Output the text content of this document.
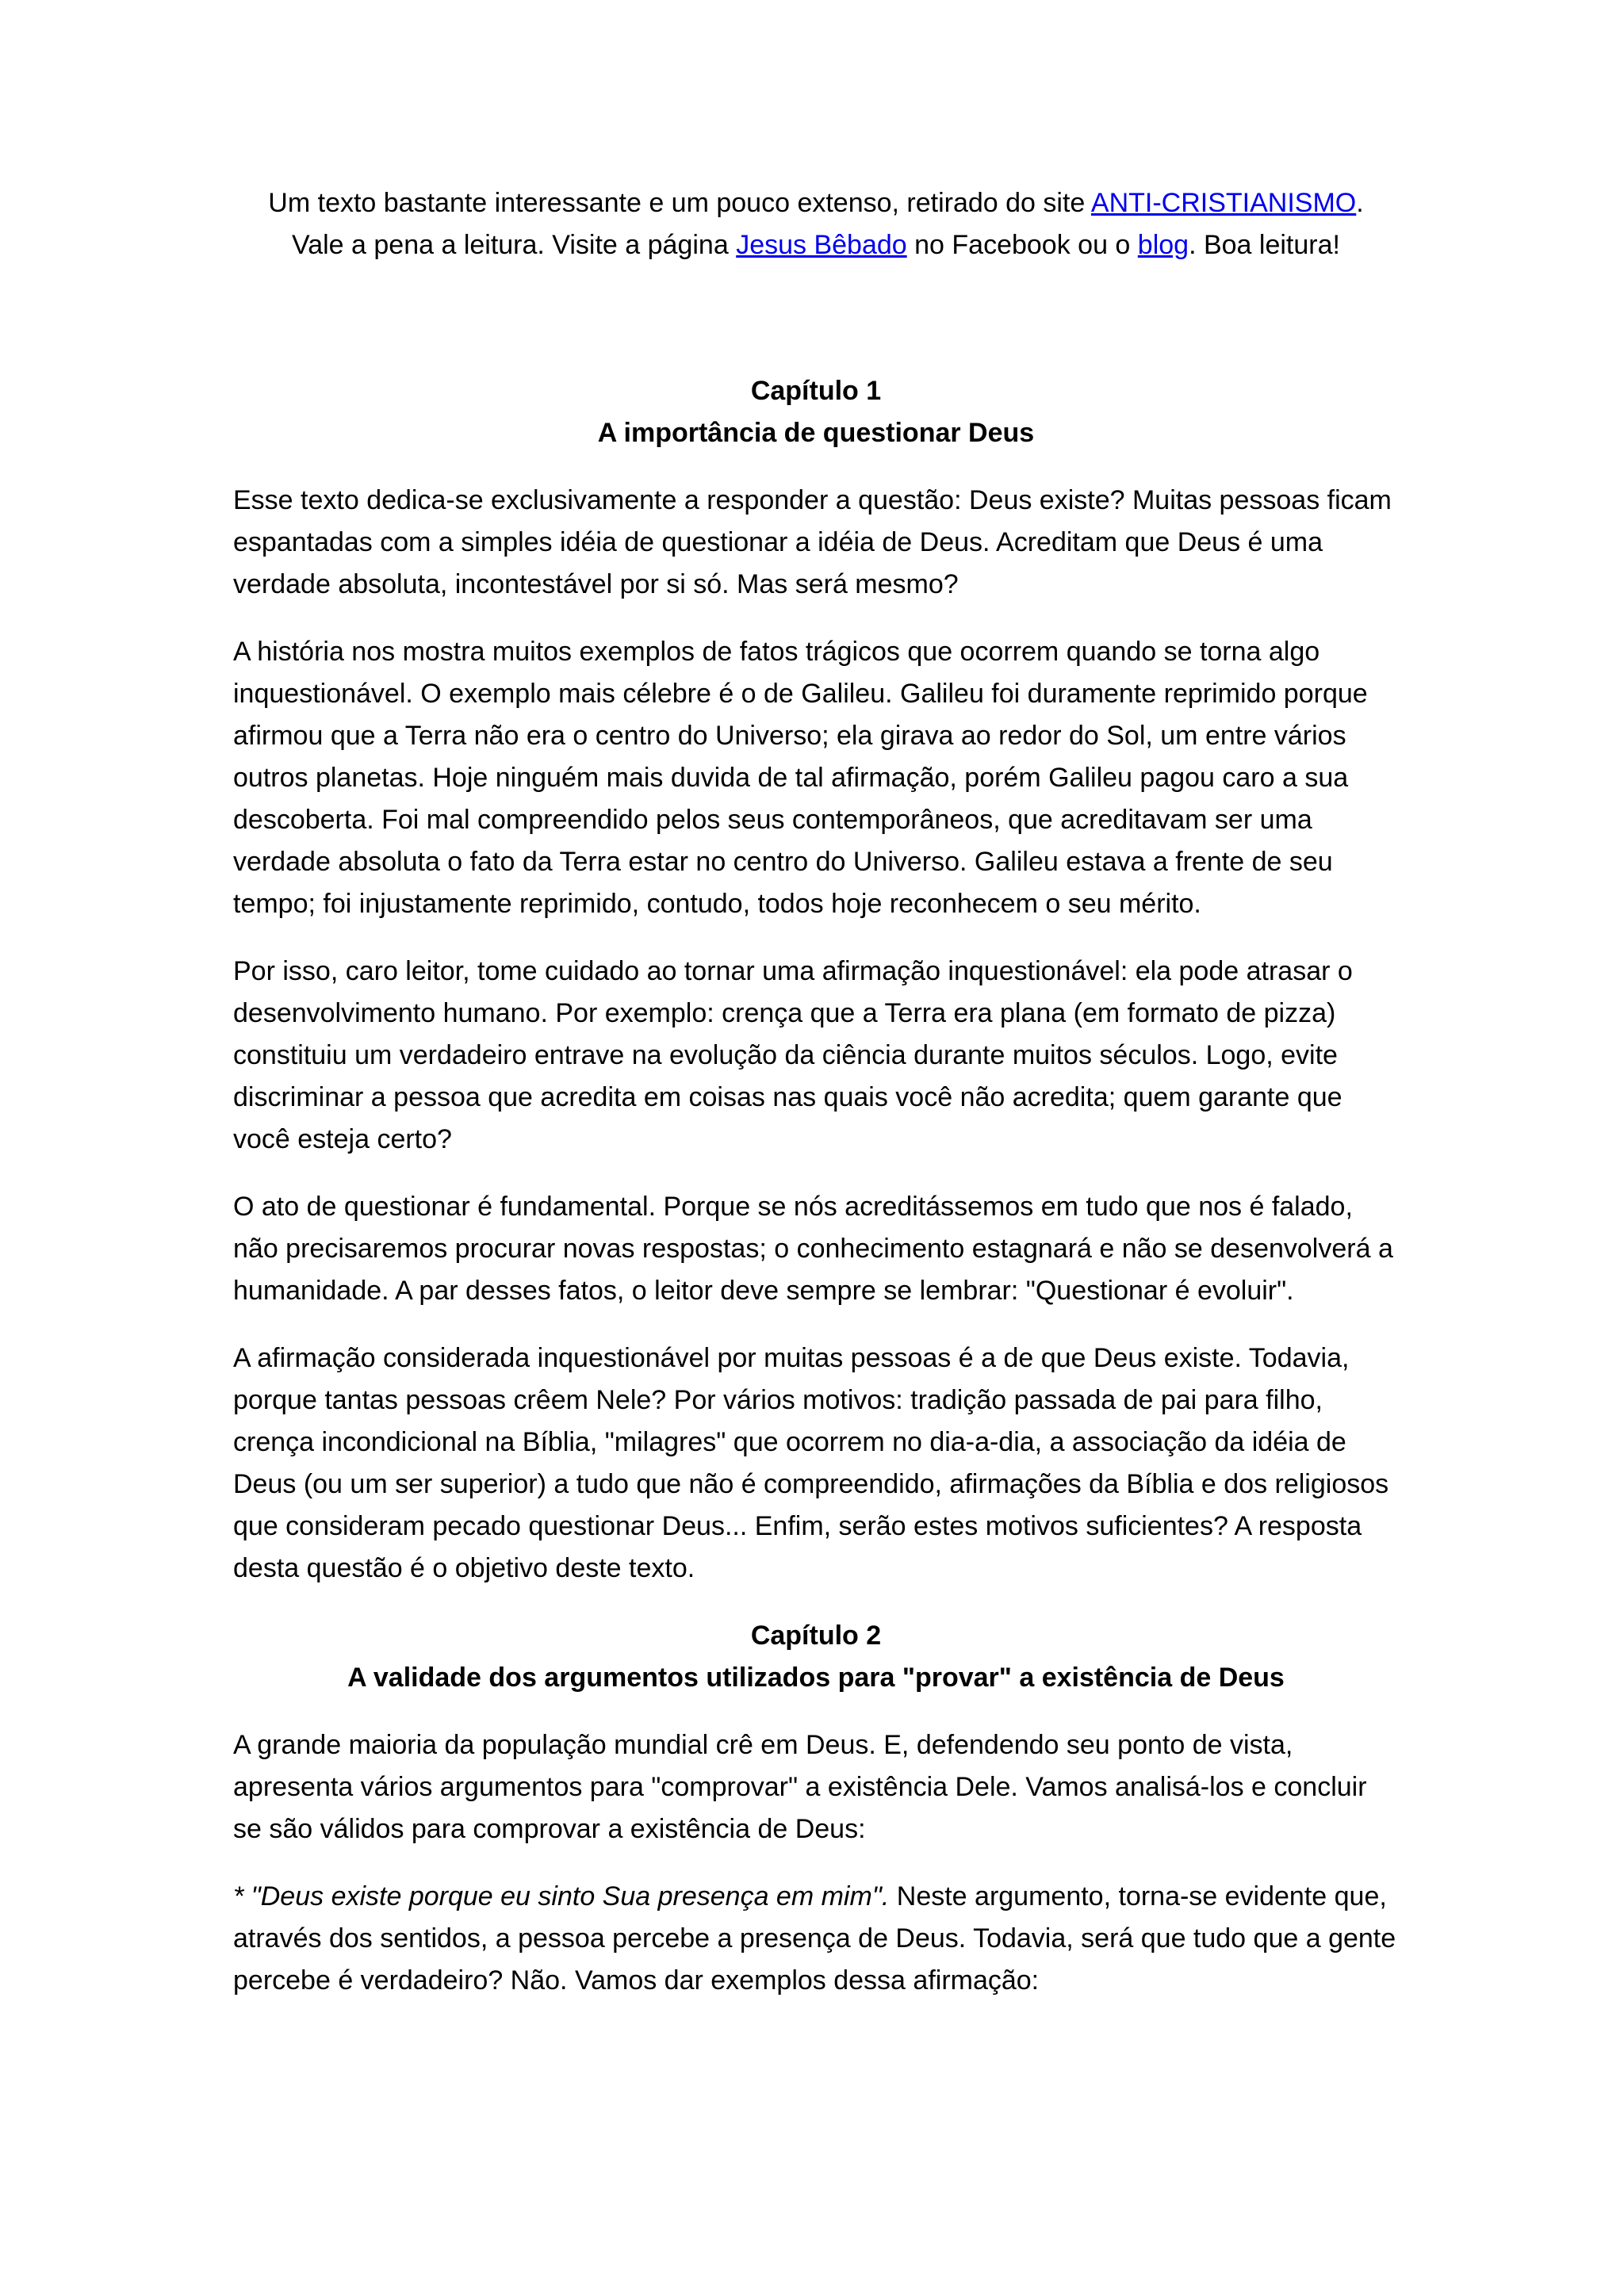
Um texto bastante interessante e um pouco extenso, retirado do site ANTI-CRISTIANISMO.

Vale a pena a leitura. Visite a página Jesus Bêbado no Facebook ou o blog. Boa leitura!

Capítulo 1
A importância de questionar Deus

Esse texto dedica-se exclusivamente a responder a questão: Deus existe? Muitas pessoas ficam espantadas com a simples idéia de questionar a idéia de Deus. Acreditam que Deus é uma verdade absoluta, incontestável por si só. Mas será mesmo?

A história nos mostra muitos exemplos de fatos trágicos que ocorrem quando se torna algo inquestionável. O exemplo mais célebre é o de Galileu. Galileu foi duramente reprimido porque afirmou que a Terra não era o centro do Universo; ela girava ao redor do Sol, um entre vários outros planetas. Hoje ninguém mais duvida de tal afirmação, porém Galileu pagou caro a sua descoberta. Foi mal compreendido pelos seus contemporâneos, que acreditavam ser uma verdade absoluta o fato da Terra estar no centro do Universo. Galileu estava a frente de seu tempo; foi injustamente reprimido, contudo, todos hoje reconhecem o seu mérito.

Por isso, caro leitor, tome cuidado ao tornar uma afirmação inquestionável: ela pode atrasar o desenvolvimento humano. Por exemplo: crença que a Terra era plana (em formato de pizza) constituiu um verdadeiro entrave na evolução da ciência durante muitos séculos. Logo, evite discriminar a pessoa que acredita em coisas nas quais você não acredita; quem garante que você esteja certo?

O ato de questionar é fundamental. Porque se nós acreditássemos em tudo que nos é falado, não precisaremos procurar novas respostas; o conhecimento estagnará e não se desenvolverá a humanidade. A par desses fatos, o leitor deve sempre se lembrar: "Questionar é evoluir".

A afirmação considerada inquestionável por muitas pessoas é a de que Deus existe. Todavia, porque tantas pessoas crêem Nele? Por vários motivos: tradição passada de pai para filho, crença incondicional na Bíblia, "milagres" que ocorrem no dia-a-dia, a associação da idéia de Deus (ou um ser superior) a tudo que não é compreendido, afirmações da Bíblia e dos religiosos que consideram pecado questionar Deus... Enfim, serão estes motivos suficientes? A resposta desta questão é o objetivo deste texto.

Capítulo 2
A validade dos argumentos utilizados para "provar" a existência de Deus

A grande maioria da população mundial crê em Deus. E, defendendo seu ponto de vista, apresenta vários argumentos para "comprovar" a existência Dele. Vamos analisá-los e concluir se são válidos para comprovar a existência de Deus:

* "Deus existe porque eu sinto Sua presença em mim". Neste argumento, torna-se evidente que, através dos sentidos, a pessoa percebe a presença de Deus. Todavia, será que tudo que a gente percebe é verdadeiro? Não. Vamos dar exemplos dessa afirmação:
